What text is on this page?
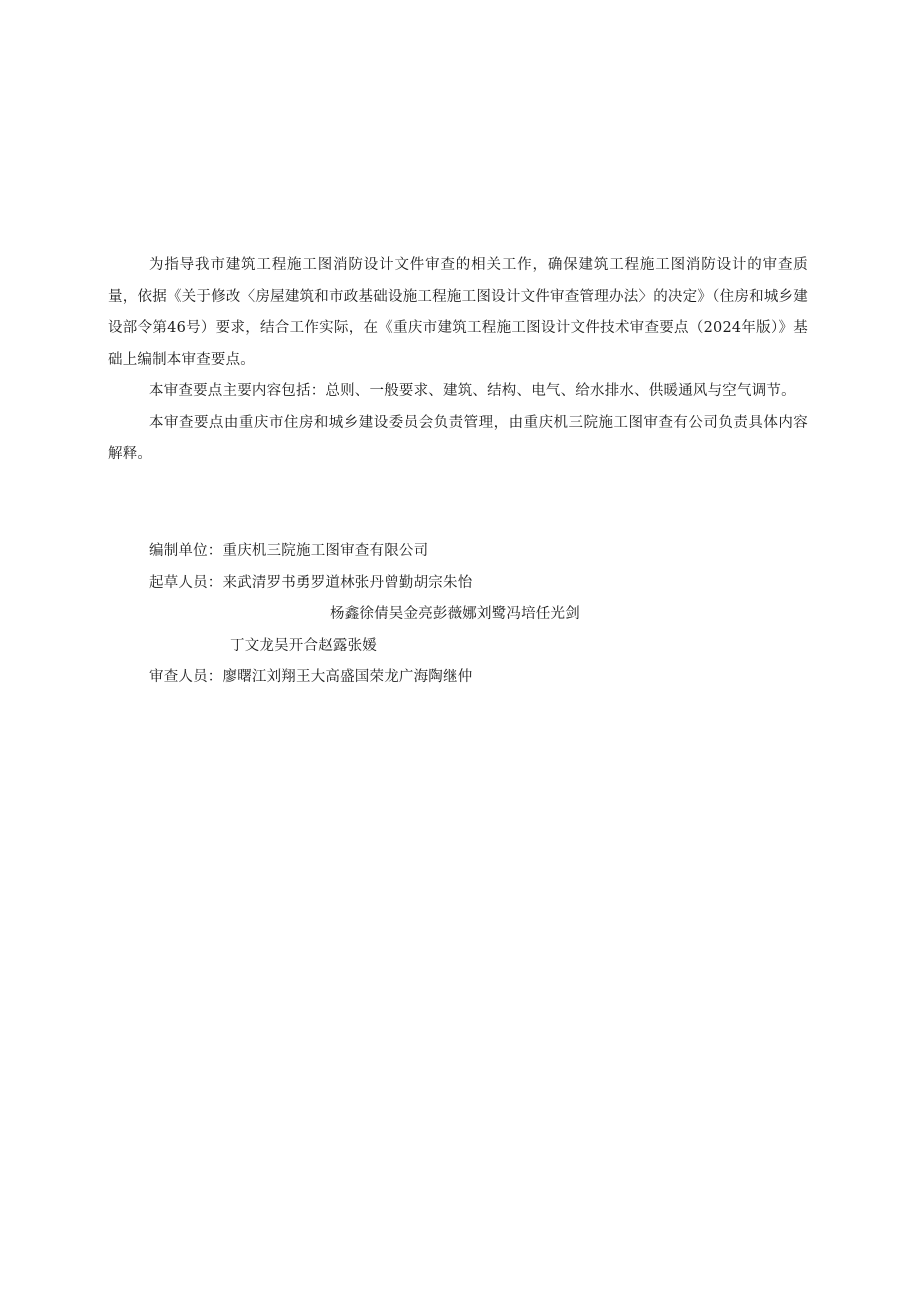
为指导我市建筑工程施工图消防设计文件审查的相关工作，确保建筑工程施工图消防设计的审查质量，依据《关于修改〈房屋建筑和市政基础设施工程施工图设计文件审查管理办法〉的决定》（住房和城乡建设部令第46号）要求，结合工作实际，在《重庆市建筑工程施工图设计文件技术审查要点（2024年版）》基础上编制本审查要点。

本审查要点主要内容包括：总则、一般要求、建筑、结构、电气、给水排水、供暖通风与空气调节。

本审查要点由重庆市住房和城乡建设委员会负责管理，由重庆机三院施工图审查有公司负责具体内容解释。

编制单位：重庆机三院施工图审查有限公司
起草人员：来武清罗书勇罗道林张丹曾勤胡宗朱怡
杨鑫徐倩吴金亮彭薇娜刘鹭冯培任光剑
丁文龙吴开合赵露张媛
审查人员：廖曙江刘翔王大高盛国荣龙广海陶继仲
